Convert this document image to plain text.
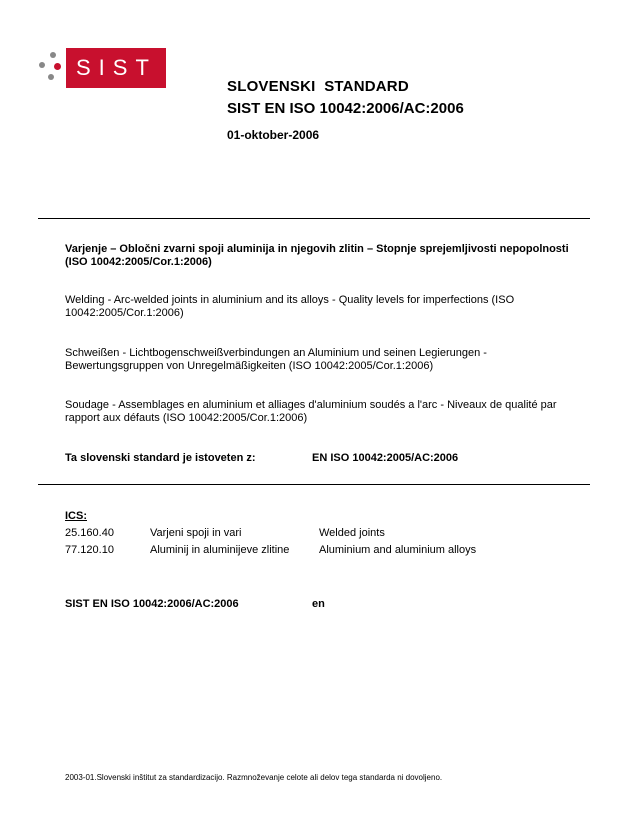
SIST
SLOVENSKI  STANDARD
SIST EN ISO 10042:2006/AC:2006
01-oktober-2006
Varjenje – Obločni zvarni spoji aluminija in njegovih zlitin – Stopnje sprejemljivosti nepopolnosti (ISO 10042:2005/Cor.1:2006)
Welding - Arc-welded joints in aluminium and its alloys - Quality levels for imperfections (ISO 10042:2005/Cor.1:2006)
Schweißen - Lichtbogenschweißverbindungen an Aluminium und seinen Legierungen - Bewertungsgruppen von Unregelmäßigkeiten (ISO 10042:2005/Cor.1:2006)
Soudage - Assemblages en aluminium et alliages d'aluminium soudés a l'arc - Niveaux de qualité par rapport aux défauts (ISO 10042:2005/Cor.1:2006)
Ta slovenski standard je istoveten z:	EN ISO 10042:2005/AC:2006
ICS:
25.160.40	Varjeni spoji in vari	Welded joints
77.120.10	Aluminij in aluminijeve zlitine	Aluminium and aluminium alloys
SIST EN ISO 10042:2006/AC:2006	en
2003-01.Slovenski inštitut za standardizacijo. Razmnoževanje celote ali delov tega standarda ni dovoljeno.
